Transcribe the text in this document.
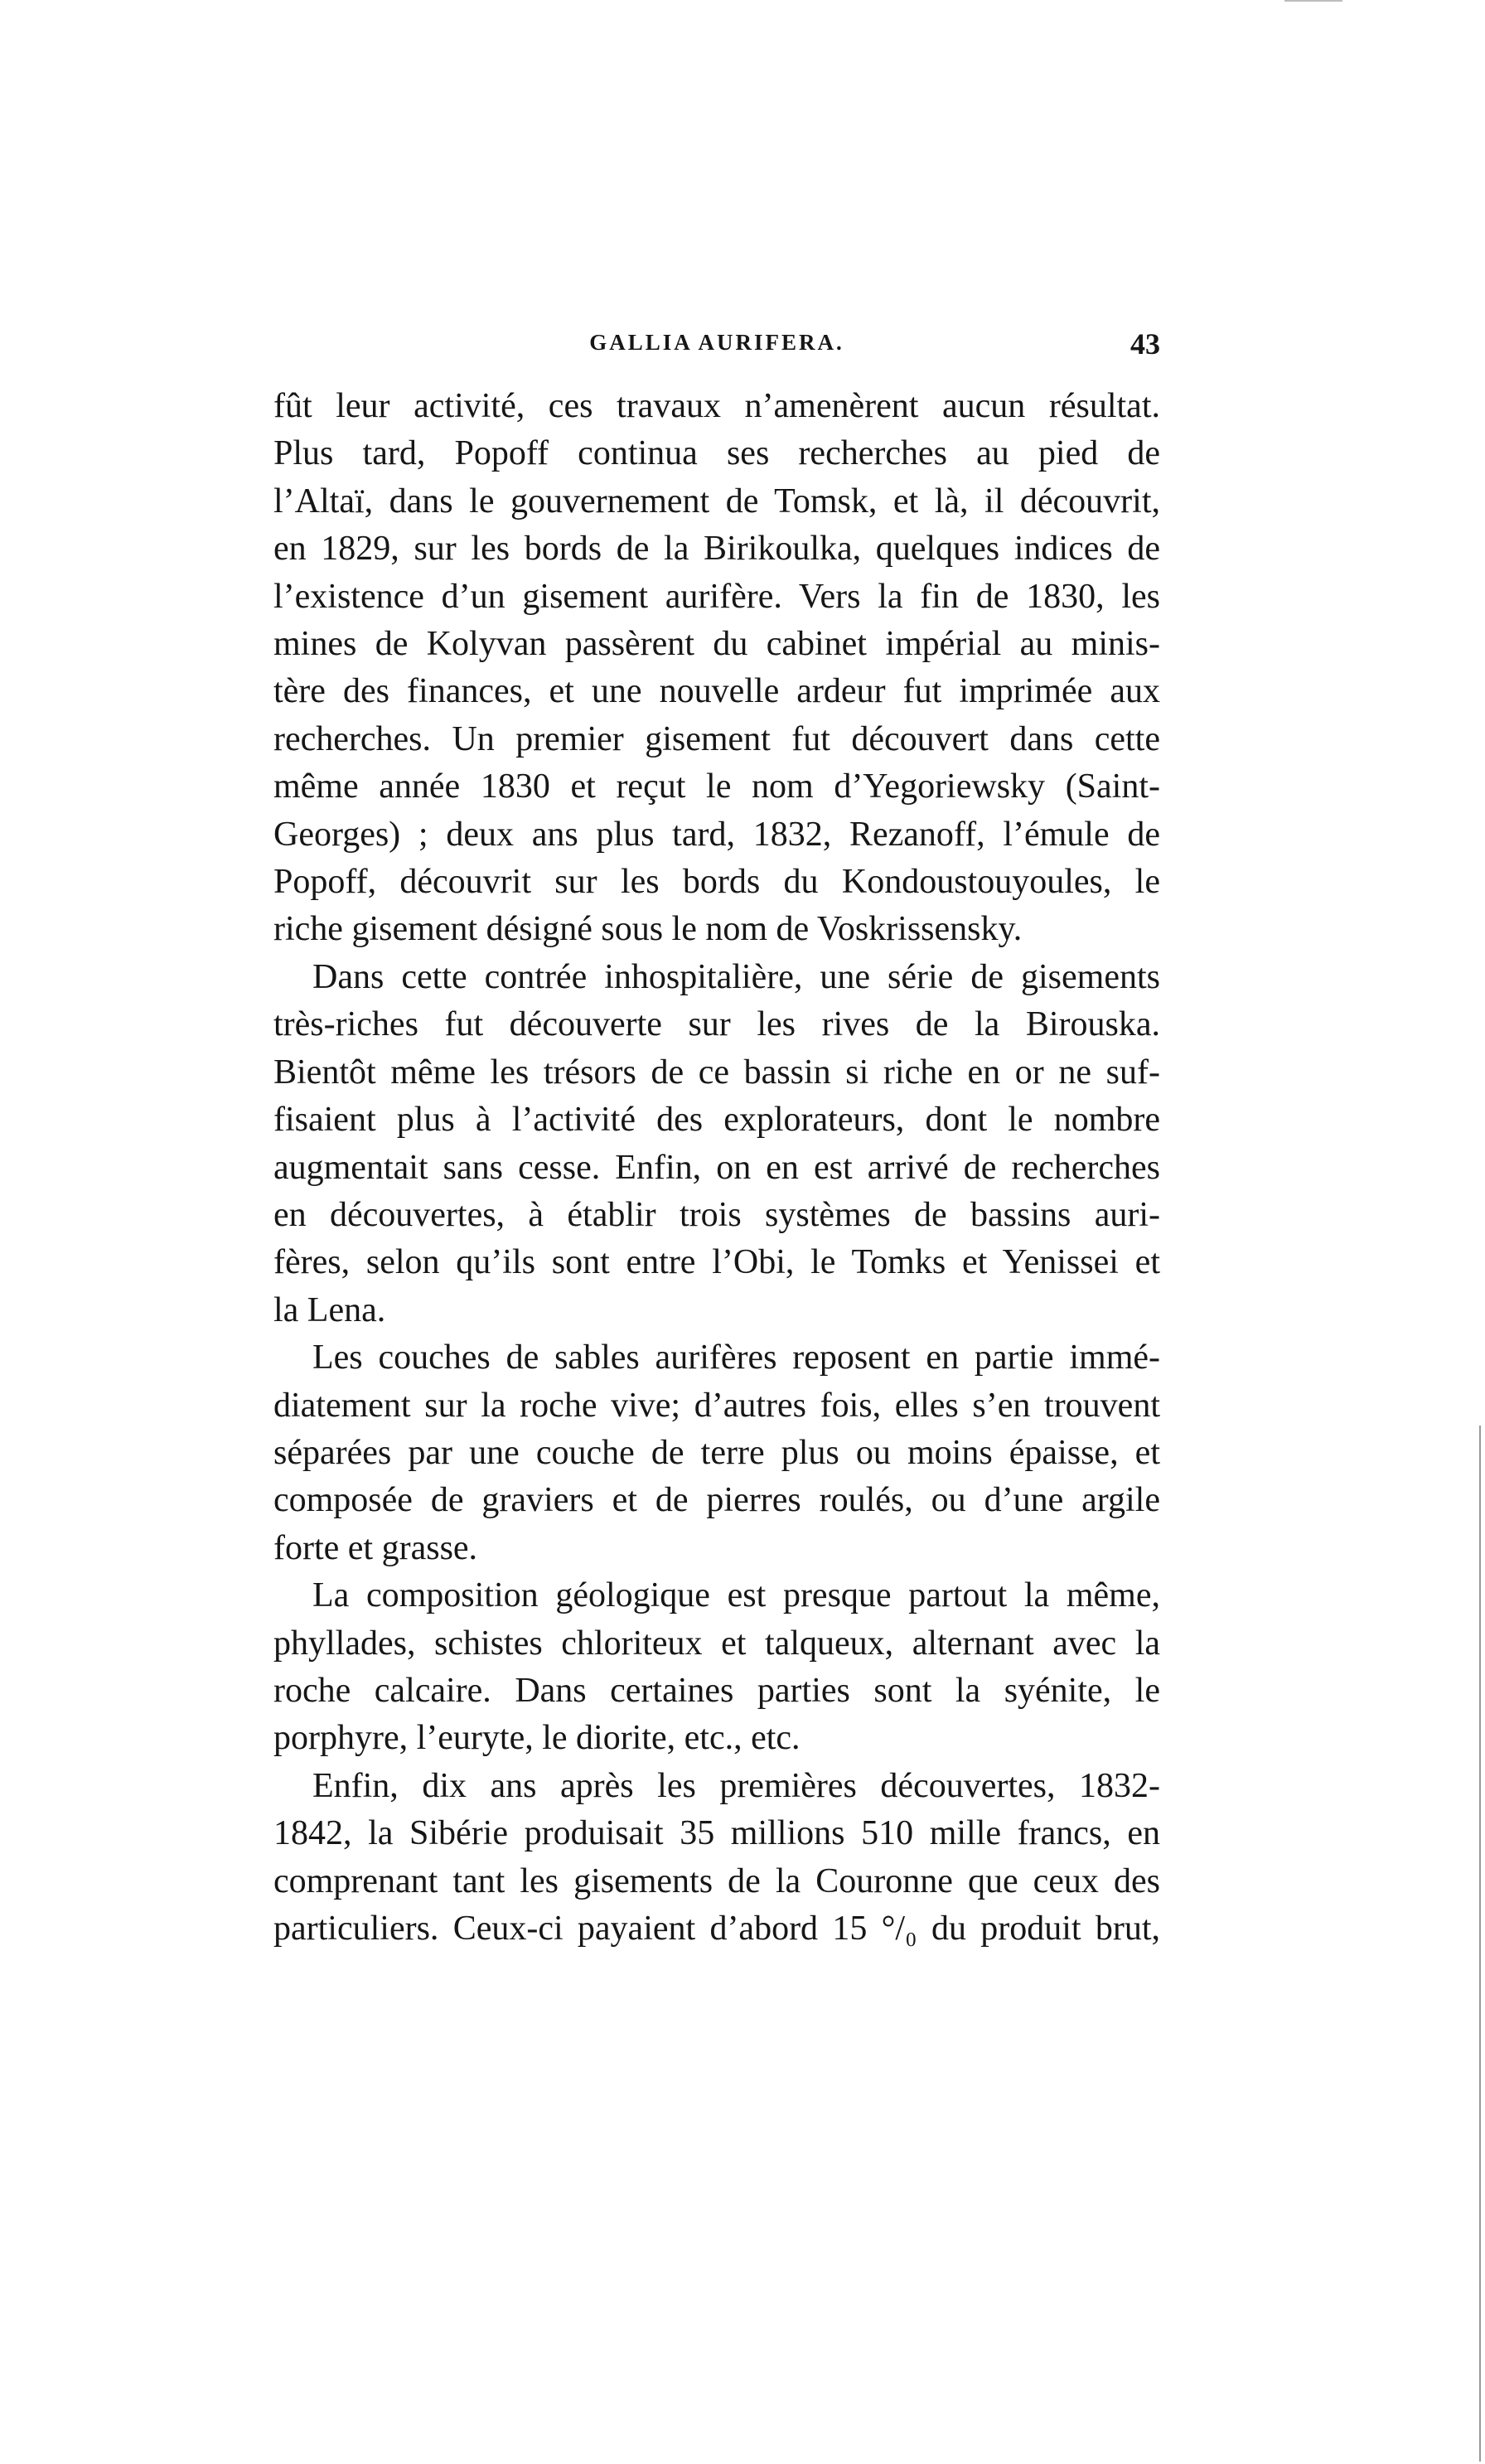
GALLIA AURIFERA.	43

fût leur activité, ces travaux n’amenèrent aucun résultat.
Plus tard, Popoff continua ses recherches au pied de
l’Altaï, dans le gouvernement de Tomsk, et là, il découvrit,
en 1829, sur les bords de la Birikoulka, quelques indices de
l’existence d’un gisement aurifère. Vers la fin de 1830, les
mines de Kolyvan passèrent du cabinet impérial au minis-
tère des finances, et une nouvelle ardeur fut imprimée aux
recherches. Un premier gisement fut découvert dans cette
même année 1830 et reçut le nom d’Yegoriewsky (Saint-
Georges) ; deux ans plus tard, 1832, Rezanoff, l’émule de
Popoff, découvrit sur les bords du Kondoustouyoules, le
riche gisement désigné sous le nom de Voskrissensky.

Dans cette contrée inhospitalière, une série de gisements
très-riches fut découverte sur les rives de la Birouska.
Bientôt même les trésors de ce bassin si riche en or ne suf-
fisaient plus à l’activité des explorateurs, dont le nombre
augmentait sans cesse. Enfin, on en est arrivé de recherches
en découvertes, à établir trois systèmes de bassins auri-
fères, selon qu’ils sont entre l’Obi, le Tomks et Yenissei et
la Lena.

Les couches de sables aurifères reposent en partie immé-
diatement sur la roche vive; d’autres fois, elles s’en trouvent
séparées par une couche de terre plus ou moins épaisse, et
composée de graviers et de pierres roulés, ou d’une argile
forte et grasse.

La composition géologique est presque partout la même,
phyllades, schistes chloriteux et talqueux, alternant avec la
roche calcaire. Dans certaines parties sont la syénite, le
porphyre, l’euryte, le diorite, etc., etc.

Enfin, dix ans après les premières découvertes, 1832-
1842, la Sibérie produisait 35 millions 510 mille francs, en
comprenant tant les gisements de la Couronne que ceux des
particuliers. Ceux-ci payaient d’abord 15 °/₀ du produit brut,
